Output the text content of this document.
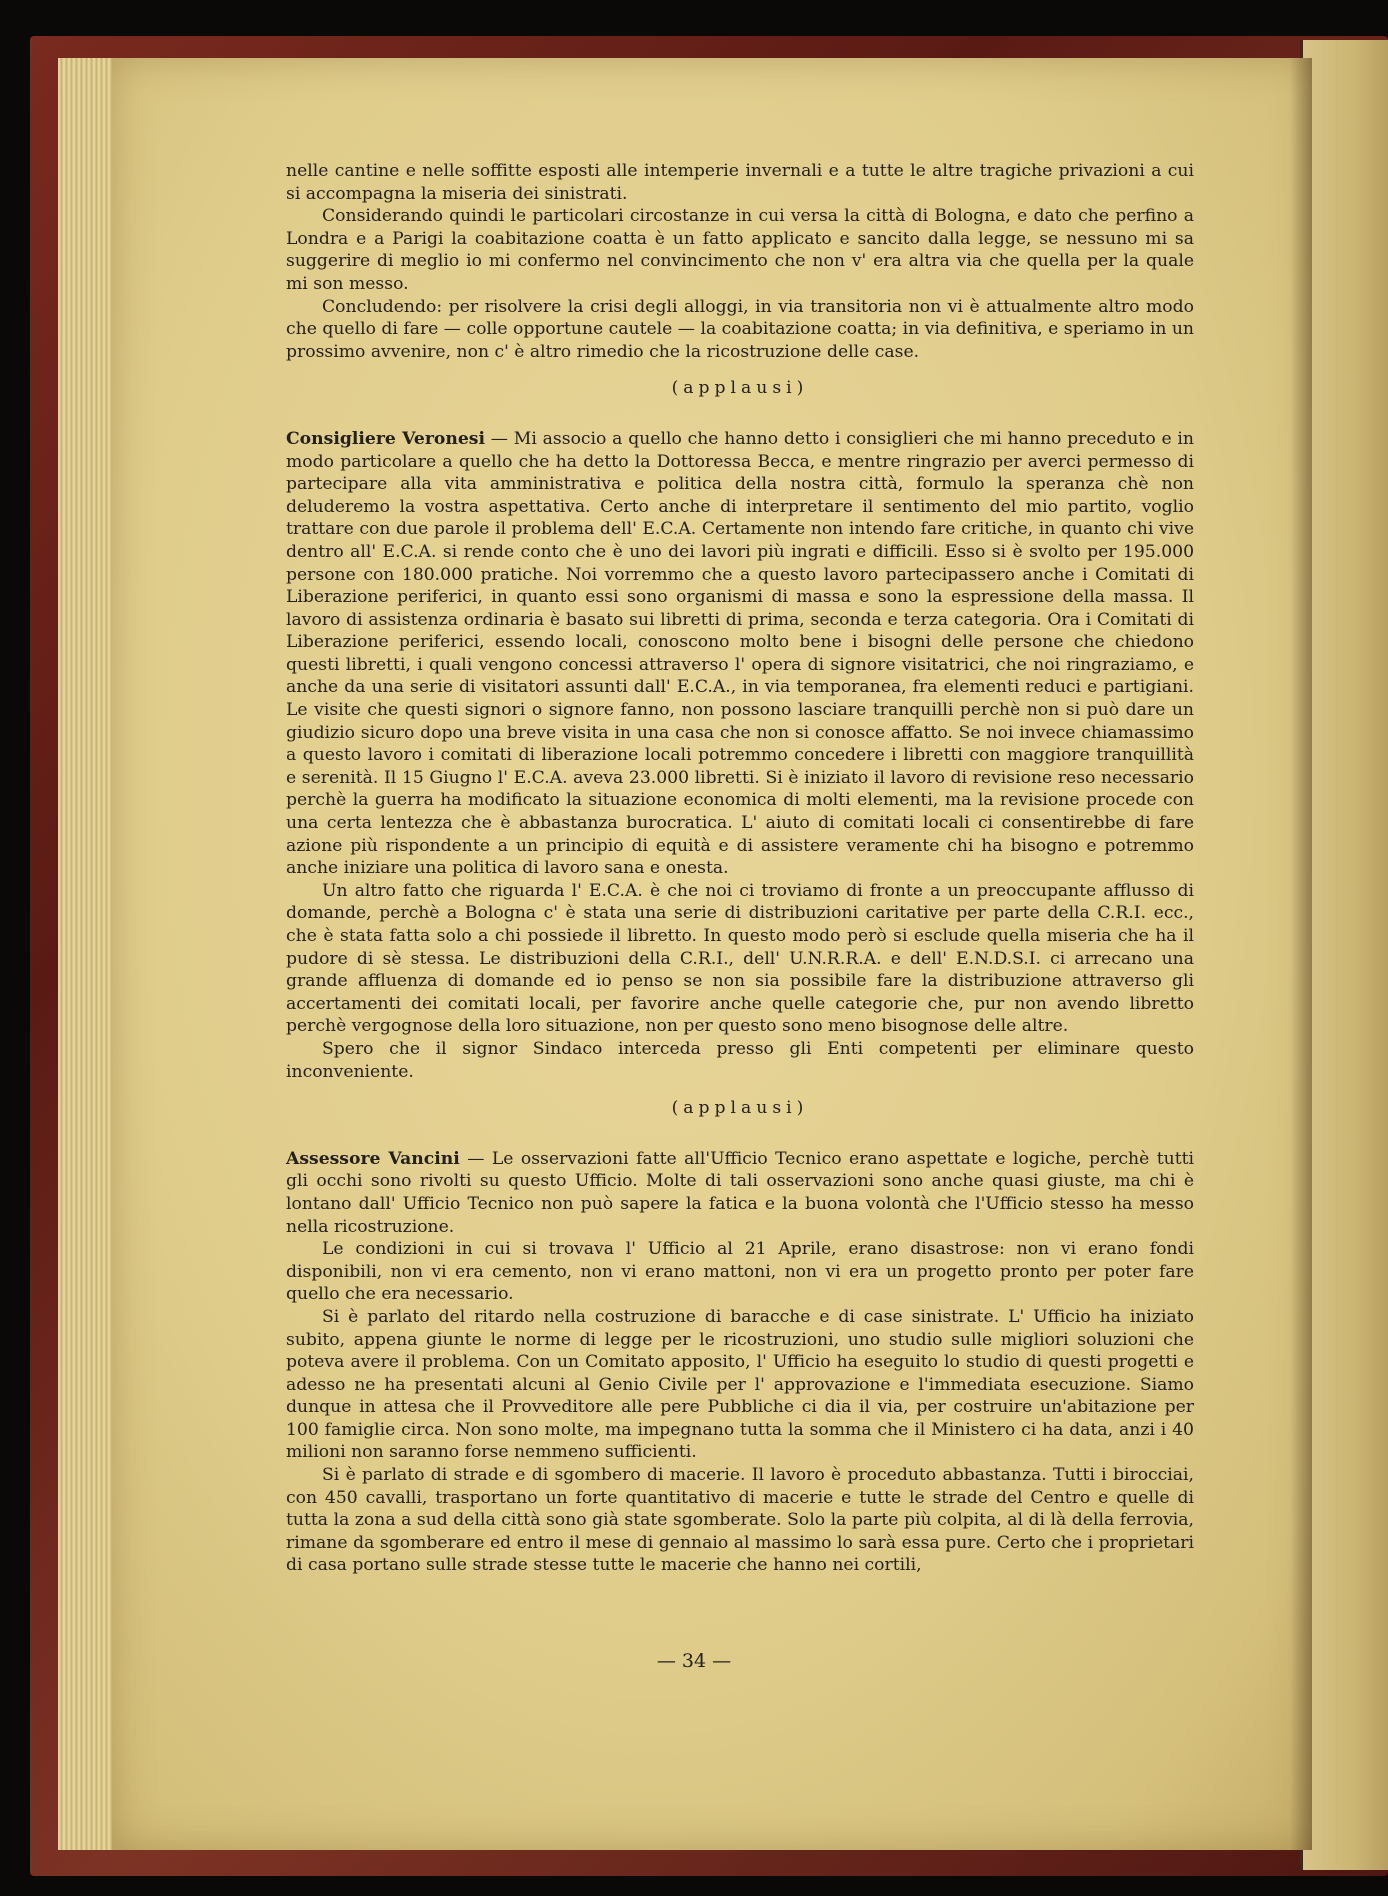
nelle cantine e nelle soffitte esposti alle intemperie invernali e a tutte le altre tragiche privazioni a cui si accompagna la miseria dei sinistrati.

Considerando quindi le particolari circostanze in cui versa la città di Bologna, e dato che perfino a Londra e a Parigi la coabitazione coatta è un fatto applicato e sancito dalla legge, se nessuno mi sa suggerire di meglio io mi confermo nel convincimento che non v' era altra via che quella per la quale mi son messo.

Concludendo: per risolvere la crisi degli alloggi, in via transitoria non vi è attualmente altro modo che quello di fare — colle opportune cautele — la coabitazione coatta; in via definitiva, e speriamo in un prossimo avvenire, non c' è altro rimedio che la ricostruzione delle case.

(applausi)

Consigliere Veronesi — Mi associo a quello che hanno detto i consiglieri che mi hanno preceduto e in modo particolare a quello che ha detto la Dottoressa Becca, e mentre ringrazio per averci permesso di partecipare alla vita amministrativa e politica della nostra città, formulo la speranza chè non deluderemo la vostra aspettativa. Certo anche di interpretare il sentimento del mio partito, voglio trattare con due parole il problema dell' E.C.A. Certamente non intendo fare critiche, in quanto chi vive dentro all' E.C.A. si rende conto che è uno dei lavori più ingrati e difficili. Esso si è svolto per 195.000 persone con 180.000 pratiche. Noi vorremmo che a questo lavoro partecipassero anche i Comitati di Liberazione periferici, in quanto essi sono organismi di massa e sono la espressione della massa. Il lavoro di assistenza ordinaria è basato sui libretti di prima, seconda e terza categoria. Ora i Comitati di Liberazione periferici, essendo locali, conoscono molto bene i bisogni delle persone che chiedono questi libretti, i quali vengono concessi attraverso l' opera di signore visitatrici, che noi ringraziamo, e anche da una serie di visitatori assunti dall' E.C.A., in via temporanea, fra elementi reduci e partigiani. Le visite che questi signori o signore fanno, non possono lasciare tranquilli perchè non si può dare un giudizio sicuro dopo una breve visita in una casa che non si conosce affatto. Se noi invece chiamassimo a questo lavoro i comitati di liberazione locali potremmo concedere i libretti con maggiore tranquillità e serenità. Il 15 Giugno l' E.C.A. aveva 23.000 libretti. Si è iniziato il lavoro di revisione reso necessario perchè la guerra ha modificato la situazione economica di molti elementi, ma la revisione procede con una certa lentezza che è abbastanza burocratica. L' aiuto di comitati locali ci consentirebbe di fare azione più rispondente a un principio di equità e di assistere veramente chi ha bisogno e potremmo anche iniziare una politica di lavoro sana e onesta.

Un altro fatto che riguarda l' E.C.A. è che noi ci troviamo di fronte a un preoccupante afflusso di domande, perchè a Bologna c' è stata una serie di distribuzioni caritative per parte della C.R.I. ecc., che è stata fatta solo a chi possiede il libretto. In questo modo però si esclude quella miseria che ha il pudore di sè stessa. Le distribuzioni della C.R.I., dell' U.N.R.R.A. e dell' E.N.D.S.I. ci arrecano una grande affluenza di domande ed io penso se non sia possibile fare la distribuzione attraverso gli accertamenti dei comitati locali, per favorire anche quelle categorie che, pur non avendo libretto perchè vergognose della loro situazione, non per questo sono meno bisognose delle altre.

Spero che il signor Sindaco interceda presso gli Enti competenti per eliminare questo inconveniente.

(applausi)

Assessore Vancini — Le osservazioni fatte all'Ufficio Tecnico erano aspettate e logiche, perchè tutti gli occhi sono rivolti su questo Ufficio. Molte di tali osservazioni sono anche quasi giuste, ma chi è lontano dall' Ufficio Tecnico non può sapere la fatica e la buona volontà che l'Ufficio stesso ha messo nella ricostruzione.

Le condizioni in cui si trovava l' Ufficio al 21 Aprile, erano disastrose: non vi erano fondi disponibili, non vi era cemento, non vi erano mattoni, non vi era un progetto pronto per poter fare quello che era necessario.

Si è parlato del ritardo nella costruzione di baracche e di case sinistrate. L' Ufficio ha iniziato subito, appena giunte le norme di legge per le ricostruzioni, uno studio sulle migliori soluzioni che poteva avere il problema. Con un Comitato apposito, l' Ufficio ha eseguito lo studio di questi progetti e adesso ne ha presentati alcuni al Genio Civile per l' approvazione e l'immediata esecuzione. Siamo dunque in attesa che il Provveditore alle pere Pubbliche ci dia il via, per costruire un'abitazione per 100 famiglie circa. Non sono molte, ma impegnano tutta la somma che il Ministero ci ha data, anzi i 40 milioni non saranno forse nemmeno sufficienti.

Si è parlato di strade e di sgombero di macerie. Il lavoro è proceduto abbastanza. Tutti i birocciai, con 450 cavalli, trasportano un forte quantitativo di macerie e tutte le strade del Centro e quelle di tutta la zona a sud della città sono già state sgomberate. Solo la parte più colpita, al di là della ferrovia, rimane da sgomberare ed entro il mese di gennaio al massimo lo sarà essa pure. Certo che i proprietari di casa portano sulle strade stesse tutte le macerie che hanno nei cortili,

— 34 —
